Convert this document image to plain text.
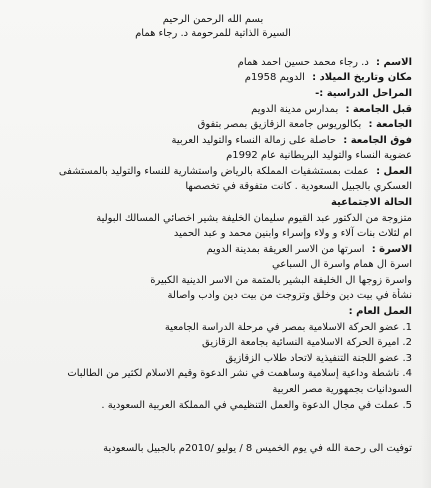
بسم الله الرحمن الرحيم
السيرة الذاتية للمرحومة د. رجاء همام
الاسم : د. رجاء محمد حسين احمد همام
مكان وتاريخ الميلاد : الدويم 1958م
المراحل الدراسية :-
قبل الجامعة : بمدارس مدينة الدويم
الجامعة : بكالوريوس جامعة الزقازيق بمصر بتفوق
فوق الجامعة : حاصلة على زمالة النساء والتوليد العربية
عضوية النساء والتوليد البريطانية عام 1992م
العمل : عملت بمستشفيات المملكة بالرياض واستشارية للنساء والتوليد بالمستشفى
العسكري بالجبيل السعودية . كانت متفوقة في تخصصها
الحالة الاجتماعية
متزوجة من الدكتور عبد القيوم سليمان الخليفة بشير اخصائي المسالك البولية
ام لثلاث بنات آلاء و ولاء وإسراء وابنين محمد و عبد الحميد
الاسرة : اسرتها من الاسر العريقة بمدينة الدويم
اسرة ال همام واسرة ال السباعي
واسرة زوجها ال الخليفة البشير بالمتمة من الاسر الدينية الكبيرة
نشأة في بيت دين وخلق وتزوجت من بيت دين وادب واصالة
العمل العام :
1. عضو الحركة الاسلامية بمصر في مرحلة الدراسة الجامعية
2. اميرة الحركة الاسلامية النسائية بجامعة الزقازيق
3. عضو اللجنة التنفيذية لاتحاد طلاب الزقازيق
4. ناشطة وداعية إسلامية وساهمت في نشر الدعوة وقيم الاسلام لكثير من الطالبات
السودانيات بجمهورية مصر العربية
5. عملت في مجال الدعوة والعمل التنظيمي في المملكة العربية السعودية .
توفيت الى رحمة الله في يوم الخميس 8 / يوليو /2010م بالجبيل بالسعودية
